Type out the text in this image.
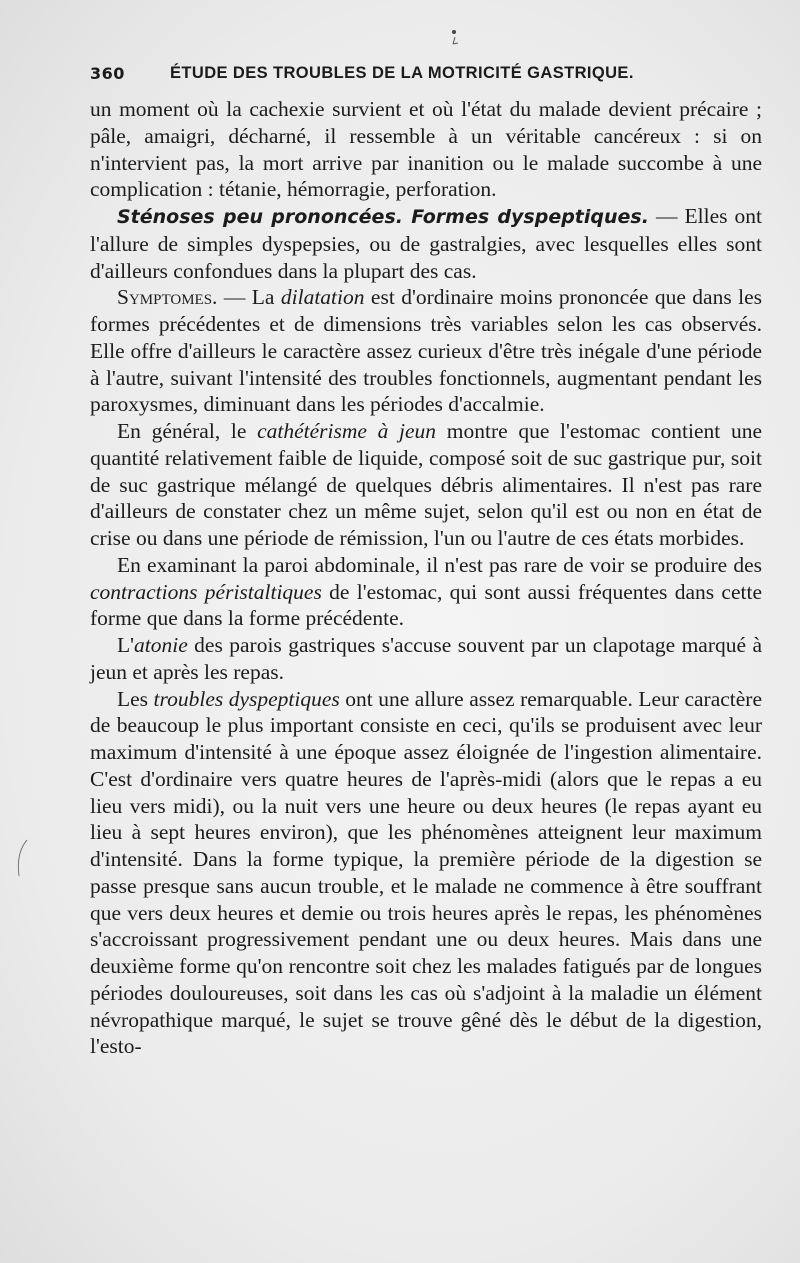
360	ÉTUDE DES TROUBLES DE LA MOTRICITÉ GASTRIQUE.

un moment où la cachexie survient et où l'état du malade devient précaire ; pâle, amaigri, décharné, il ressemble à un véritable cancéreux : si on n'intervient pas, la mort arrive par inanition ou le malade succombe à une complication : tétanie, hémorragie, perforation.

Sténoses peu prononcées. Formes dyspeptiques. — Elles ont l'allure de simples dyspepsies, ou de gastralgies, avec lesquelles elles sont d'ailleurs confondues dans la plupart des cas.

Symptomes. — La dilatation est d'ordinaire moins prononcée que dans les formes précédentes et de dimensions très variables selon les cas observés. Elle offre d'ailleurs le caractère assez curieux d'être très inégale d'une période à l'autre, suivant l'intensité des troubles fonctionnels, augmentant pendant les paroxysmes, diminuant dans les périodes d'accalmie.

En général, le cathétérisme à jeun montre que l'estomac contient une quantité relativement faible de liquide, composé soit de suc gastrique pur, soit de suc gastrique mélangé de quelques débris alimentaires. Il n'est pas rare d'ailleurs de constater chez un même sujet, selon qu'il est ou non en état de crise ou dans une période de rémission, l'un ou l'autre de ces états morbides.

En examinant la paroi abdominale, il n'est pas rare de voir se produire des contractions péristaltiques de l'estomac, qui sont aussi fréquentes dans cette forme que dans la forme précédente.

L'atonie des parois gastriques s'accuse souvent par un clapotage marqué à jeun et après les repas.

Les troubles dyspeptiques ont une allure assez remarquable. Leur caractère de beaucoup le plus important consiste en ceci, qu'ils se produisent avec leur maximum d'intensité à une époque assez éloignée de l'ingestion alimentaire. C'est d'ordinaire vers quatre heures de l'après-midi (alors que le repas a eu lieu vers midi), ou la nuit vers une heure ou deux heures (le repas ayant eu lieu à sept heures environ), que les phénomènes atteignent leur maximum d'intensité. Dans la forme typique, la première période de la digestion se passe presque sans aucun trouble, et le malade ne commence à être souffrant que vers deux heures et demie ou trois heures après le repas, les phénomènes s'accroissant progressivement pendant une ou deux heures. Mais dans une deuxième forme qu'on rencontre soit chez les malades fatigués par de longues périodes douloureuses, soit dans les cas où s'adjoint à la maladie un élément névropathique marqué, le sujet se trouve gêné dès le début de la digestion, l'esto-
